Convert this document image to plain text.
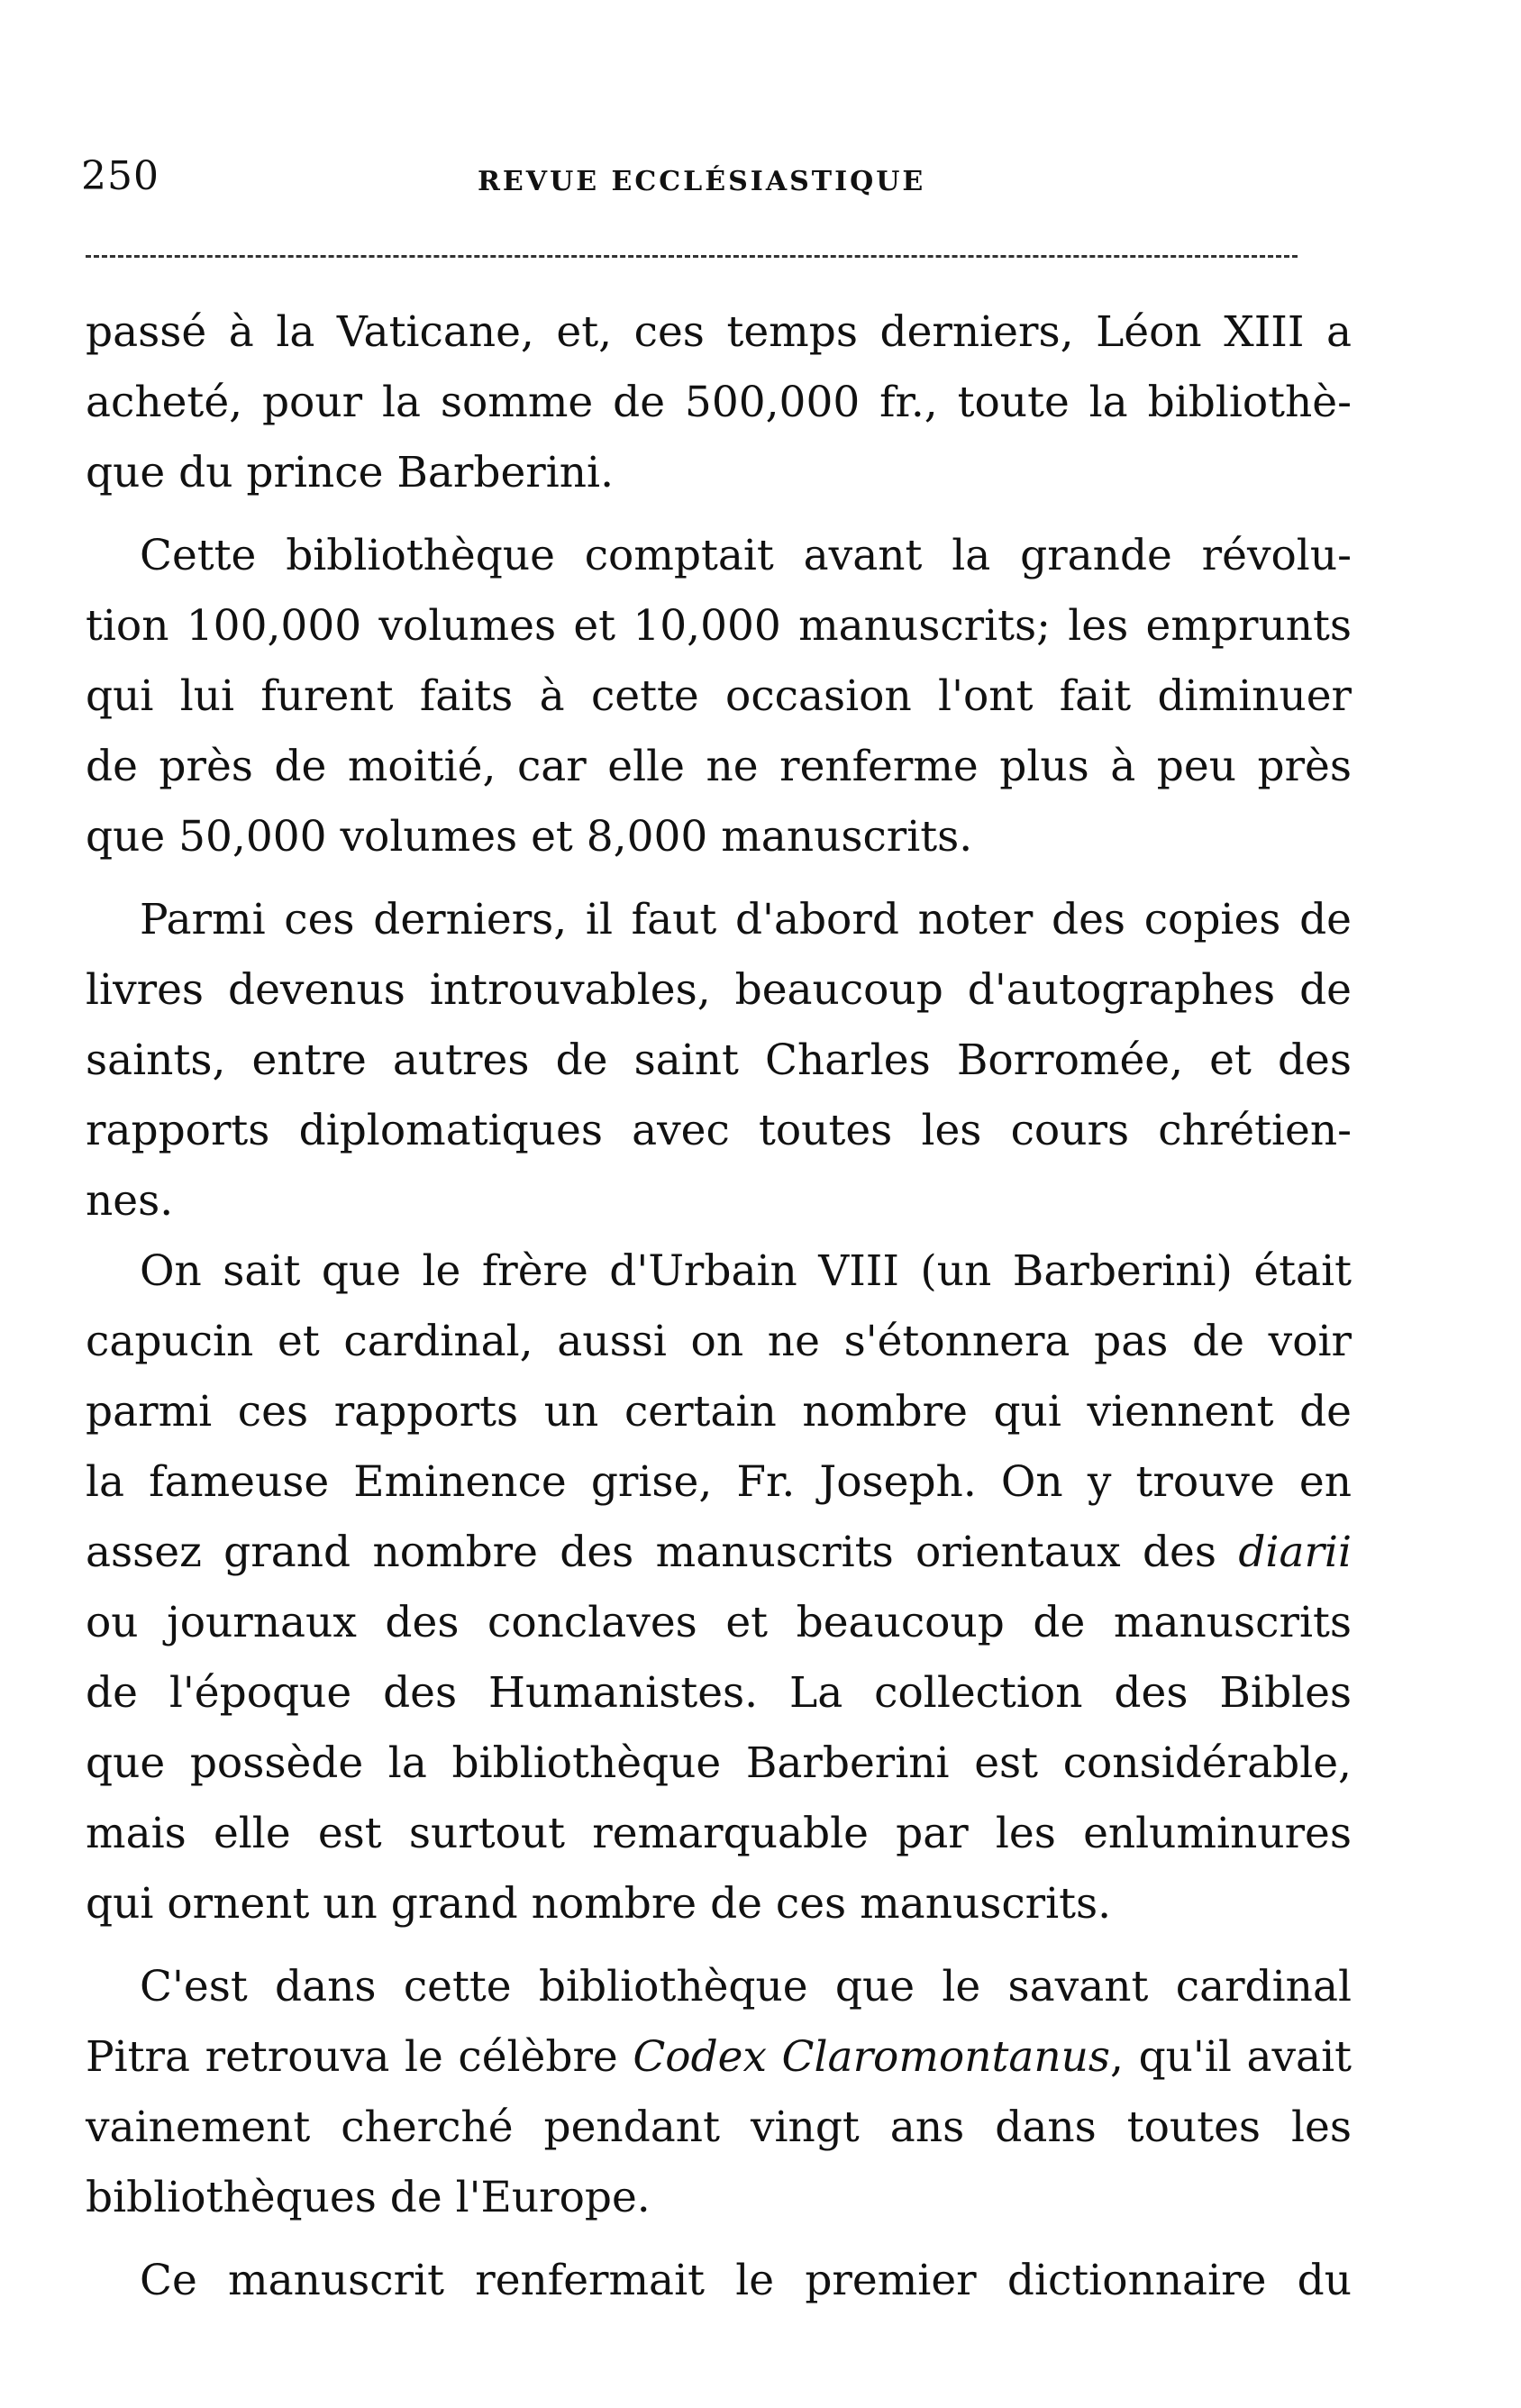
250	REVUE ECCLÉSIASTIQUE
passé à la Vaticane, et, ces temps derniers, Léon XIII a
acheté, pour la somme de 500,000 fr., toute la bibliothè-
que du prince Barberini.
Cette bibliothèque comptait avant la grande révolu-
tion 100,000 volumes et 10,000 manuscrits; les emprunts
qui lui furent faits à cette occasion l'ont fait diminuer
de près de moitié, car elle ne renferme plus à peu près
que 50,000 volumes et 8,000 manuscrits.
Parmi ces derniers, il faut d'abord noter des copies de
livres devenus introuvables, beaucoup d'autographes de
saints, entre autres de saint Charles Borromée, et des
rapports diplomatiques avec toutes les cours chrétien-
nes.
On sait que le frère d'Urbain VIII (un Barberini) était
capucin et cardinal, aussi on ne s'étonnera pas de voir
parmi ces rapports un certain nombre qui viennent de
la fameuse Eminence grise, Fr. Joseph. On y trouve en
assez grand nombre des manuscrits orientaux des diarii
ou journaux des conclaves et beaucoup de manuscrits
de l'époque des Humanistes. La collection des Bibles
que possède la bibliothèque Barberini est considérable,
mais elle est surtout remarquable par les enluminures
qui ornent un grand nombre de ces manuscrits.
C'est dans cette bibliothèque que le savant cardinal
Pitra retrouva le célèbre Codex Claromontanus, qu'il avait
vainement cherché pendant vingt ans dans toutes les
bibliothèques de l'Europe.
Ce manuscrit renfermait le premier dictionnaire du
